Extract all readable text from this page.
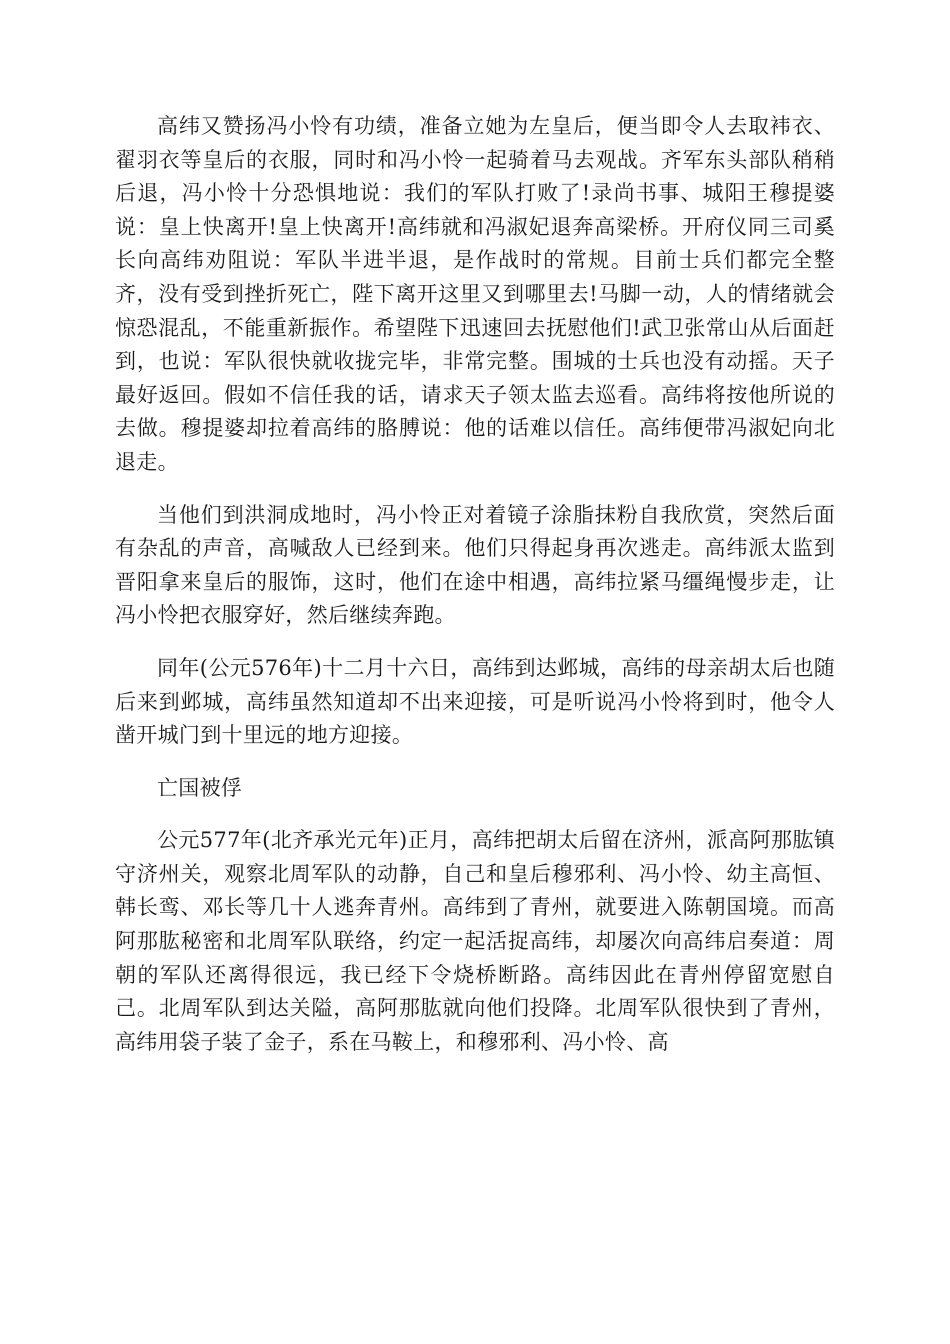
高纬又赞扬冯小怜有功绩，准备立她为左皇后，便当即令人去取袆衣、翟羽衣等皇后的衣服，同时和冯小怜一起骑着马去观战。齐军东头部队稍稍后退，冯小怜十分恐惧地说：我们的军队打败了!录尚书事、城阳王穆提婆说：皇上快离开!皇上快离开!高纬就和冯淑妃退奔高梁桥。开府仪同三司奚长向高纬劝阻说：军队半进半退，是作战时的常规。目前士兵们都完全整齐，没有受到挫折死亡，陛下离开这里又到哪里去!马脚一动，人的情绪就会惊恐混乱，不能重新振作。希望陛下迅速回去抚慰他们!武卫张常山从后面赶到，也说：军队很快就收拢完毕，非常完整。围城的士兵也没有动摇。天子最好返回。假如不信任我的话，请求天子领太监去巡看。高纬将按他所说的去做。穆提婆却拉着高纬的胳膊说：他的话难以信任。高纬便带冯淑妃向北退走。

当他们到洪洞成地时，冯小怜正对着镜子涂脂抹粉自我欣赏，突然后面有杂乱的声音，高喊敌人已经到来。他们只得起身再次逃走。高纬派太监到晋阳拿来皇后的服饰，这时，他们在途中相遇，高纬拉紧马缰绳慢步走，让冯小怜把衣服穿好，然后继续奔跑。

同年(公元576年)十二月十六日，高纬到达邺城，高纬的母亲胡太后也随后来到邺城，高纬虽然知道却不出来迎接，可是听说冯小怜将到时，他令人凿开城门到十里远的地方迎接。

亡国被俘

公元577年(北齐承光元年)正月，高纬把胡太后留在济州，派高阿那肱镇守济州关，观察北周军队的动静，自己和皇后穆邪利、冯小怜、幼主高恒、韩长鸾、邓长等几十人逃奔青州。高纬到了青州，就要进入陈朝国境。而高阿那肱秘密和北周军队联络，约定一起活捉高纬，却屡次向高纬启奏道：周朝的军队还离得很远，我已经下令烧桥断路。高纬因此在青州停留宽慰自己。北周军队到达关隘，高阿那肱就向他们投降。北周军队很快到了青州，高纬用袋子装了金子，系在马鞍上，和穆邪利、冯小怜、高
